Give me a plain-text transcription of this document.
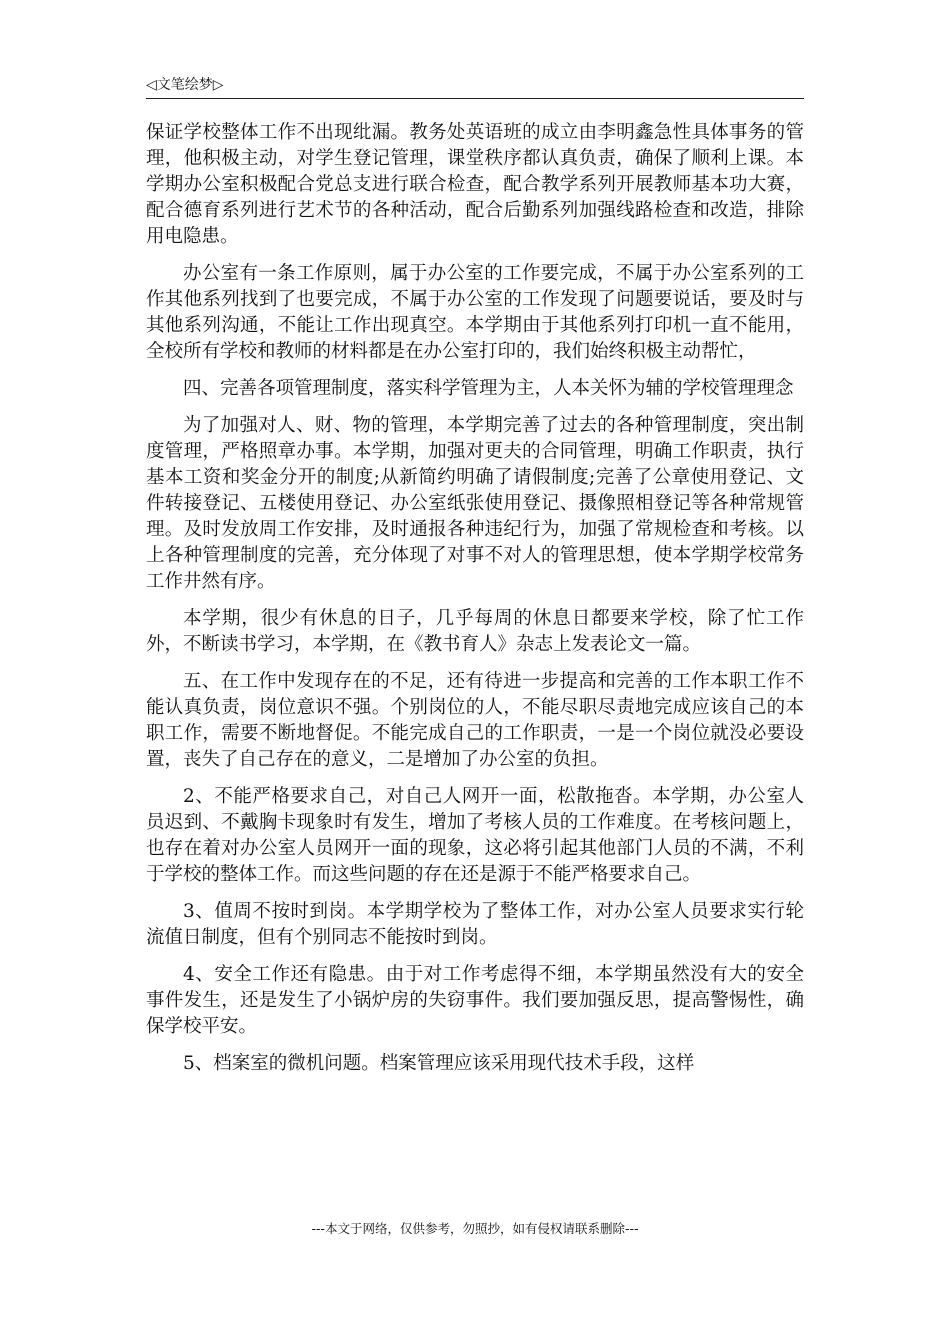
◁文笔绘梦▷

保证学校整体工作不出现纰漏。教务处英语班的成立由李明鑫急性具体事务的管理，他积极主动，对学生登记管理，课堂秩序都认真负责，确保了顺利上课。本学期办公室积极配合党总支进行联合检查，配合教学系列开展教师基本功大赛，配合德育系列进行艺术节的各种活动，配合后勤系列加强线路检查和改造，排除用电隐患。

办公室有一条工作原则，属于办公室的工作要完成，不属于办公室系列的工作其他系列找到了也要完成，不属于办公室的工作发现了问题要说话，要及时与其他系列沟通，不能让工作出现真空。本学期由于其他系列打印机一直不能用，全校所有学校和教师的材料都是在办公室打印的，我们始终积极主动帮忙，

四、完善各项管理制度，落实科学管理为主，人本关怀为辅的学校管理理念

为了加强对人、财、物的管理，本学期完善了过去的各种管理制度，突出制度管理，严格照章办事。本学期，加强对更夫的合同管理，明确工作职责，执行基本工资和奖金分开的制度;从新简约明确了请假制度;完善了公章使用登记、文件转接登记、五楼使用登记、办公室纸张使用登记、摄像照相登记等各种常规管理。及时发放周工作安排，及时通报各种违纪行为，加强了常规检查和考核。以上各种管理制度的完善，充分体现了对事不对人的管理思想，使本学期学校常务工作井然有序。

本学期，很少有休息的日子，几乎每周的休息日都要来学校，除了忙工作外，不断读书学习，本学期，在《教书育人》杂志上发表论文一篇。

五、在工作中发现存在的不足，还有待进一步提高和完善的工作本职工作不能认真负责，岗位意识不强。个别岗位的人，不能尽职尽责地完成应该自己的本职工作，需要不断地督促。不能完成自己的工作职责，一是一个岗位就没必要设置，丧失了自己存在的意义，二是增加了办公室的负担。

2、不能严格要求自己，对自己人网开一面，松散拖沓。本学期，办公室人员迟到、不戴胸卡现象时有发生，增加了考核人员的工作难度。在考核问题上，也存在着对办公室人员网开一面的现象，这必将引起其他部门人员的不满，不利于学校的整体工作。而这些问题的存在还是源于不能严格要求自己。

3、值周不按时到岗。本学期学校为了整体工作，对办公室人员要求实行轮流值日制度，但有个别同志不能按时到岗。

4、安全工作还有隐患。由于对工作考虑得不细，本学期虽然没有大的安全事件发生，还是发生了小锅炉房的失窃事件。我们要加强反思，提高警惕性，确保学校平安。

5、档案室的微机问题。档案管理应该采用现代技术手段，这样

---本文于网络，仅供参考，勿照抄，如有侵权请联系删除---
